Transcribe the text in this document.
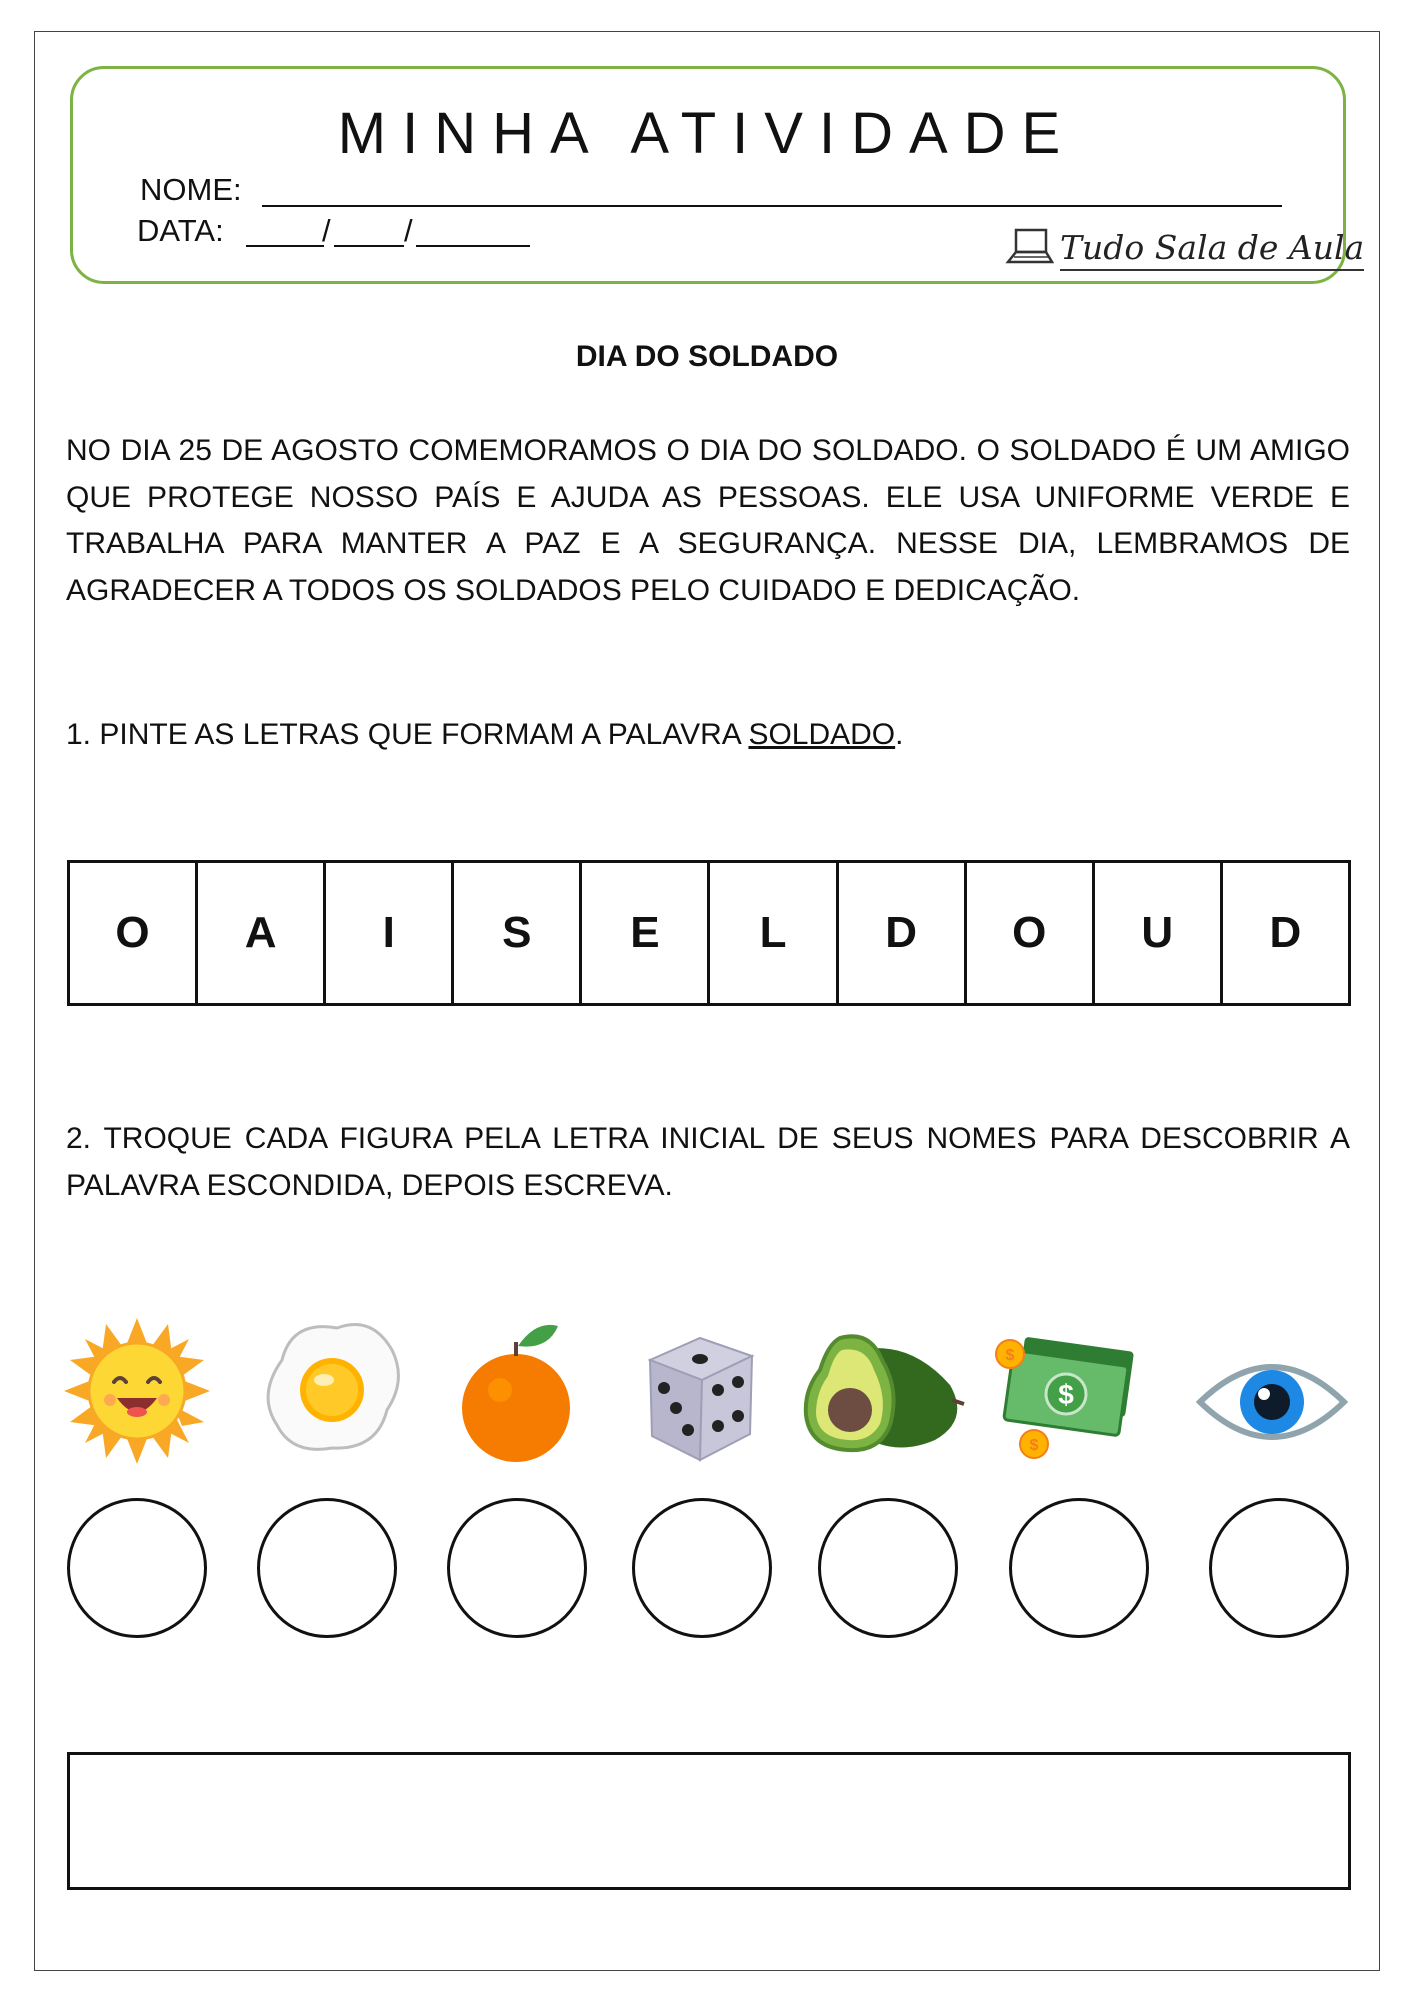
MINHA ATIVIDADE
NOME:
DATA:	/ /	Tudo Sala de Aula
DIA DO SOLDADO
NO DIA 25 DE AGOSTO COMEMORAMOS O DIA DO SOLDADO. O SOLDADO É UM AMIGO QUE PROTEGE NOSSO PAÍS E AJUDA AS PESSOAS. ELE USA UNIFORME VERDE E TRABALHA PARA MANTER A PAZ E A SEGURANÇA. NESSE DIA, LEMBRAMOS DE AGRADECER A TODOS OS SOLDADOS PELO CUIDADO E DEDICAÇÃO.
1. PINTE AS LETRAS QUE FORMAM A PALAVRA SOLDADO.
O	A	I	S	E	L	D	O	U	D
2. TROQUE CADA FIGURA PELA LETRA INICIAL DE SEUS NOMES PARA DESCOBRIR A PALAVRA ESCONDIDA, DEPOIS ESCREVA.
$
$
$
